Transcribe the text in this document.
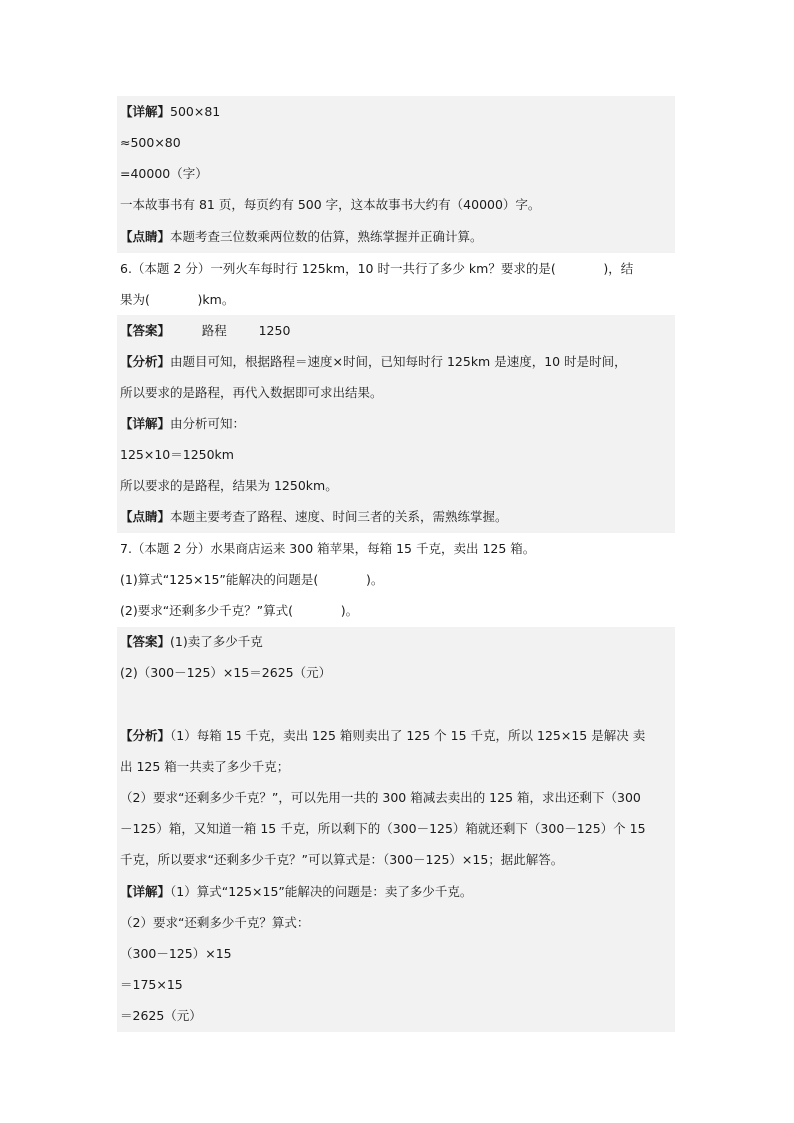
【详解】500×81
≈500×80
=40000（字）
一本故事书有 81 页，每页约有 500 字，这本故事书大约有（40000）字。
【点睛】本题考查三位数乘两位数的估算，熟练掌握并正确计算。
6.（本题 2 分）一列火车每时行 125km，10 时一共行了多少 km？要求的是(            )，结
果为(            )km。
【答案】        路程        1250
【分析】由题目可知，根据路程＝速度×时间，已知每时行 125km 是速度，10 时是时间，
所以要求的是路程，再代入数据即可求出结果。
【详解】由分析可知：
125×10＝1250km
所以要求的是路程，结果为 1250km。
【点睛】本题主要考查了路程、速度、时间三者的关系，需熟练掌握。
7.（本题 2 分）水果商店运来 300 箱苹果，每箱 15 千克，卖出 125 箱。
(1)算式“125×15”能解决的问题是(            )。
(2)要求“还剩多少千克？”算式(            )。
【答案】(1)卖了多少千克
(2)（300－125）×15＝2625（元）
【分析】（1）每箱 15 千克，卖出 125 箱则卖出了 125 个 15 千克，所以 125×15 是解决 卖
出 125 箱一共卖了多少千克；
（2）要求“还剩多少千克？”，可以先用一共的 300 箱减去卖出的 125 箱，求出还剩下（300
－125）箱，又知道一箱 15 千克，所以剩下的（300－125）箱就还剩下（300－125）个 15
千克，所以要求“还剩多少千克？”可以算式是：（300－125）×15；据此解答。
【详解】（1）算式“125×15”能解决的问题是：卖了多少千克。
（2）要求“还剩多少千克？算式：
（300－125）×15
＝175×15
＝2625（元）
